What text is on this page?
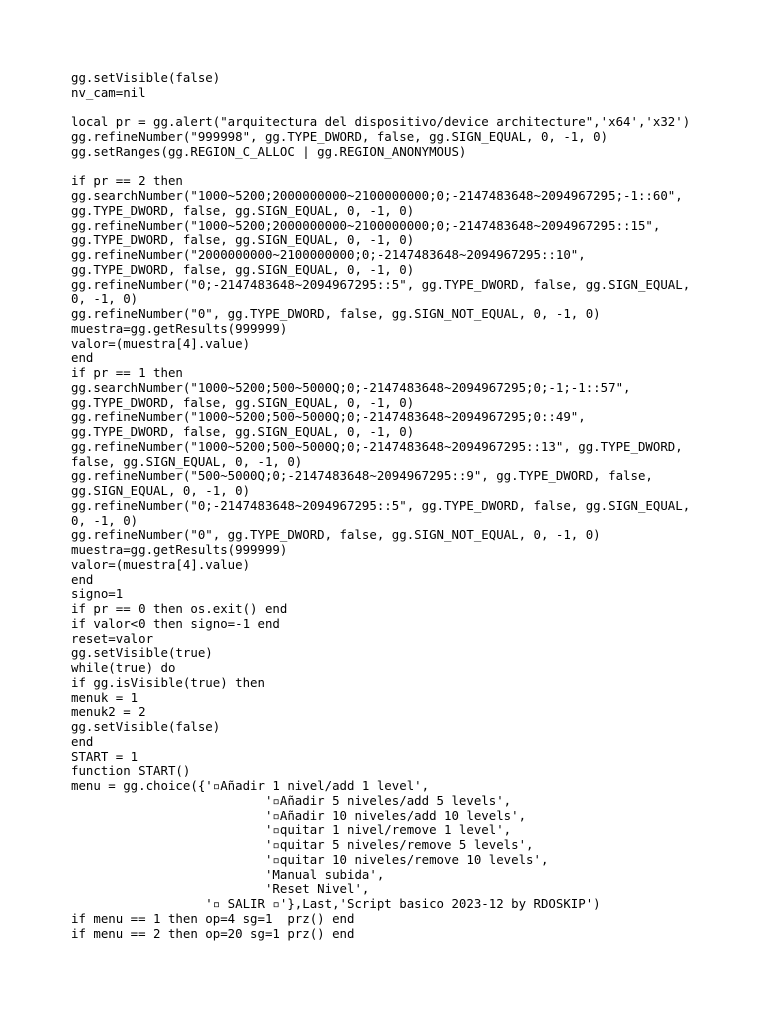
gg.setVisible(false)
nv_cam=nil
local pr = gg.alert("arquitectura del dispositivo/device architecture",'x64','x32')
gg.refineNumber("999998", gg.TYPE_DWORD, false, gg.SIGN_EQUAL, 0, -1, 0)
gg.setRanges(gg.REGION_C_ALLOC | gg.REGION_ANONYMOUS)
if pr == 2 then
gg.searchNumber("1000~5200;2000000000~2100000000;0;-2147483648~2094967295;-1::60",
gg.TYPE_DWORD, false, gg.SIGN_EQUAL, 0, -1, 0)
gg.refineNumber("1000~5200;2000000000~2100000000;0;-2147483648~2094967295::15",
gg.TYPE_DWORD, false, gg.SIGN_EQUAL, 0, -1, 0)
gg.refineNumber("2000000000~2100000000;0;-2147483648~2094967295::10",
gg.TYPE_DWORD, false, gg.SIGN_EQUAL, 0, -1, 0)
gg.refineNumber("0;-2147483648~2094967295::5", gg.TYPE_DWORD, false, gg.SIGN_EQUAL,
0, -1, 0)
gg.refineNumber("0", gg.TYPE_DWORD, false, gg.SIGN_NOT_EQUAL, 0, -1, 0)
muestra=gg.getResults(999999)
valor=(muestra[4].value)
end
if pr == 1 then
gg.searchNumber("1000~5200;500~5000Q;0;-2147483648~2094967295;0;-1;-1::57",
gg.TYPE_DWORD, false, gg.SIGN_EQUAL, 0, -1, 0)
gg.refineNumber("1000~5200;500~5000Q;0;-2147483648~2094967295;0::49",
gg.TYPE_DWORD, false, gg.SIGN_EQUAL, 0, -1, 0)
gg.refineNumber("1000~5200;500~5000Q;0;-2147483648~2094967295::13", gg.TYPE_DWORD,
false, gg.SIGN_EQUAL, 0, -1, 0)
gg.refineNumber("500~5000Q;0;-2147483648~2094967295::9", gg.TYPE_DWORD, false,
gg.SIGN_EQUAL, 0, -1, 0)
gg.refineNumber("0;-2147483648~2094967295::5", gg.TYPE_DWORD, false, gg.SIGN_EQUAL,
0, -1, 0)
gg.refineNumber("0", gg.TYPE_DWORD, false, gg.SIGN_NOT_EQUAL, 0, -1, 0)
muestra=gg.getResults(999999)
valor=(muestra[4].value)
end
signo=1
if pr == 0 then os.exit() end
if valor<0 then signo=-1 end
reset=valor
gg.setVisible(true)
while(true) do
if gg.isVisible(true) then
menuk = 1
menuk2 = 2
gg.setVisible(false)
end
START = 1
function START()
menu = gg.choice({'▫Añadir 1 nivel/add 1 level',
'▫Añadir 5 niveles/add 5 levels',
'▫Añadir 10 niveles/add 10 levels',
'▫quitar 1 nivel/remove 1 level',
'▫quitar 5 niveles/remove 5 levels',
'▫quitar 10 niveles/remove 10 levels',
'Manual subida',
'Reset Nivel',
'▫ SALIR ▫'},Last,'Script basico 2023-12 by RDOSKIP')
if menu == 1 then op=4 sg=1  prz() end
if menu == 2 then op=20 sg=1 prz() end
